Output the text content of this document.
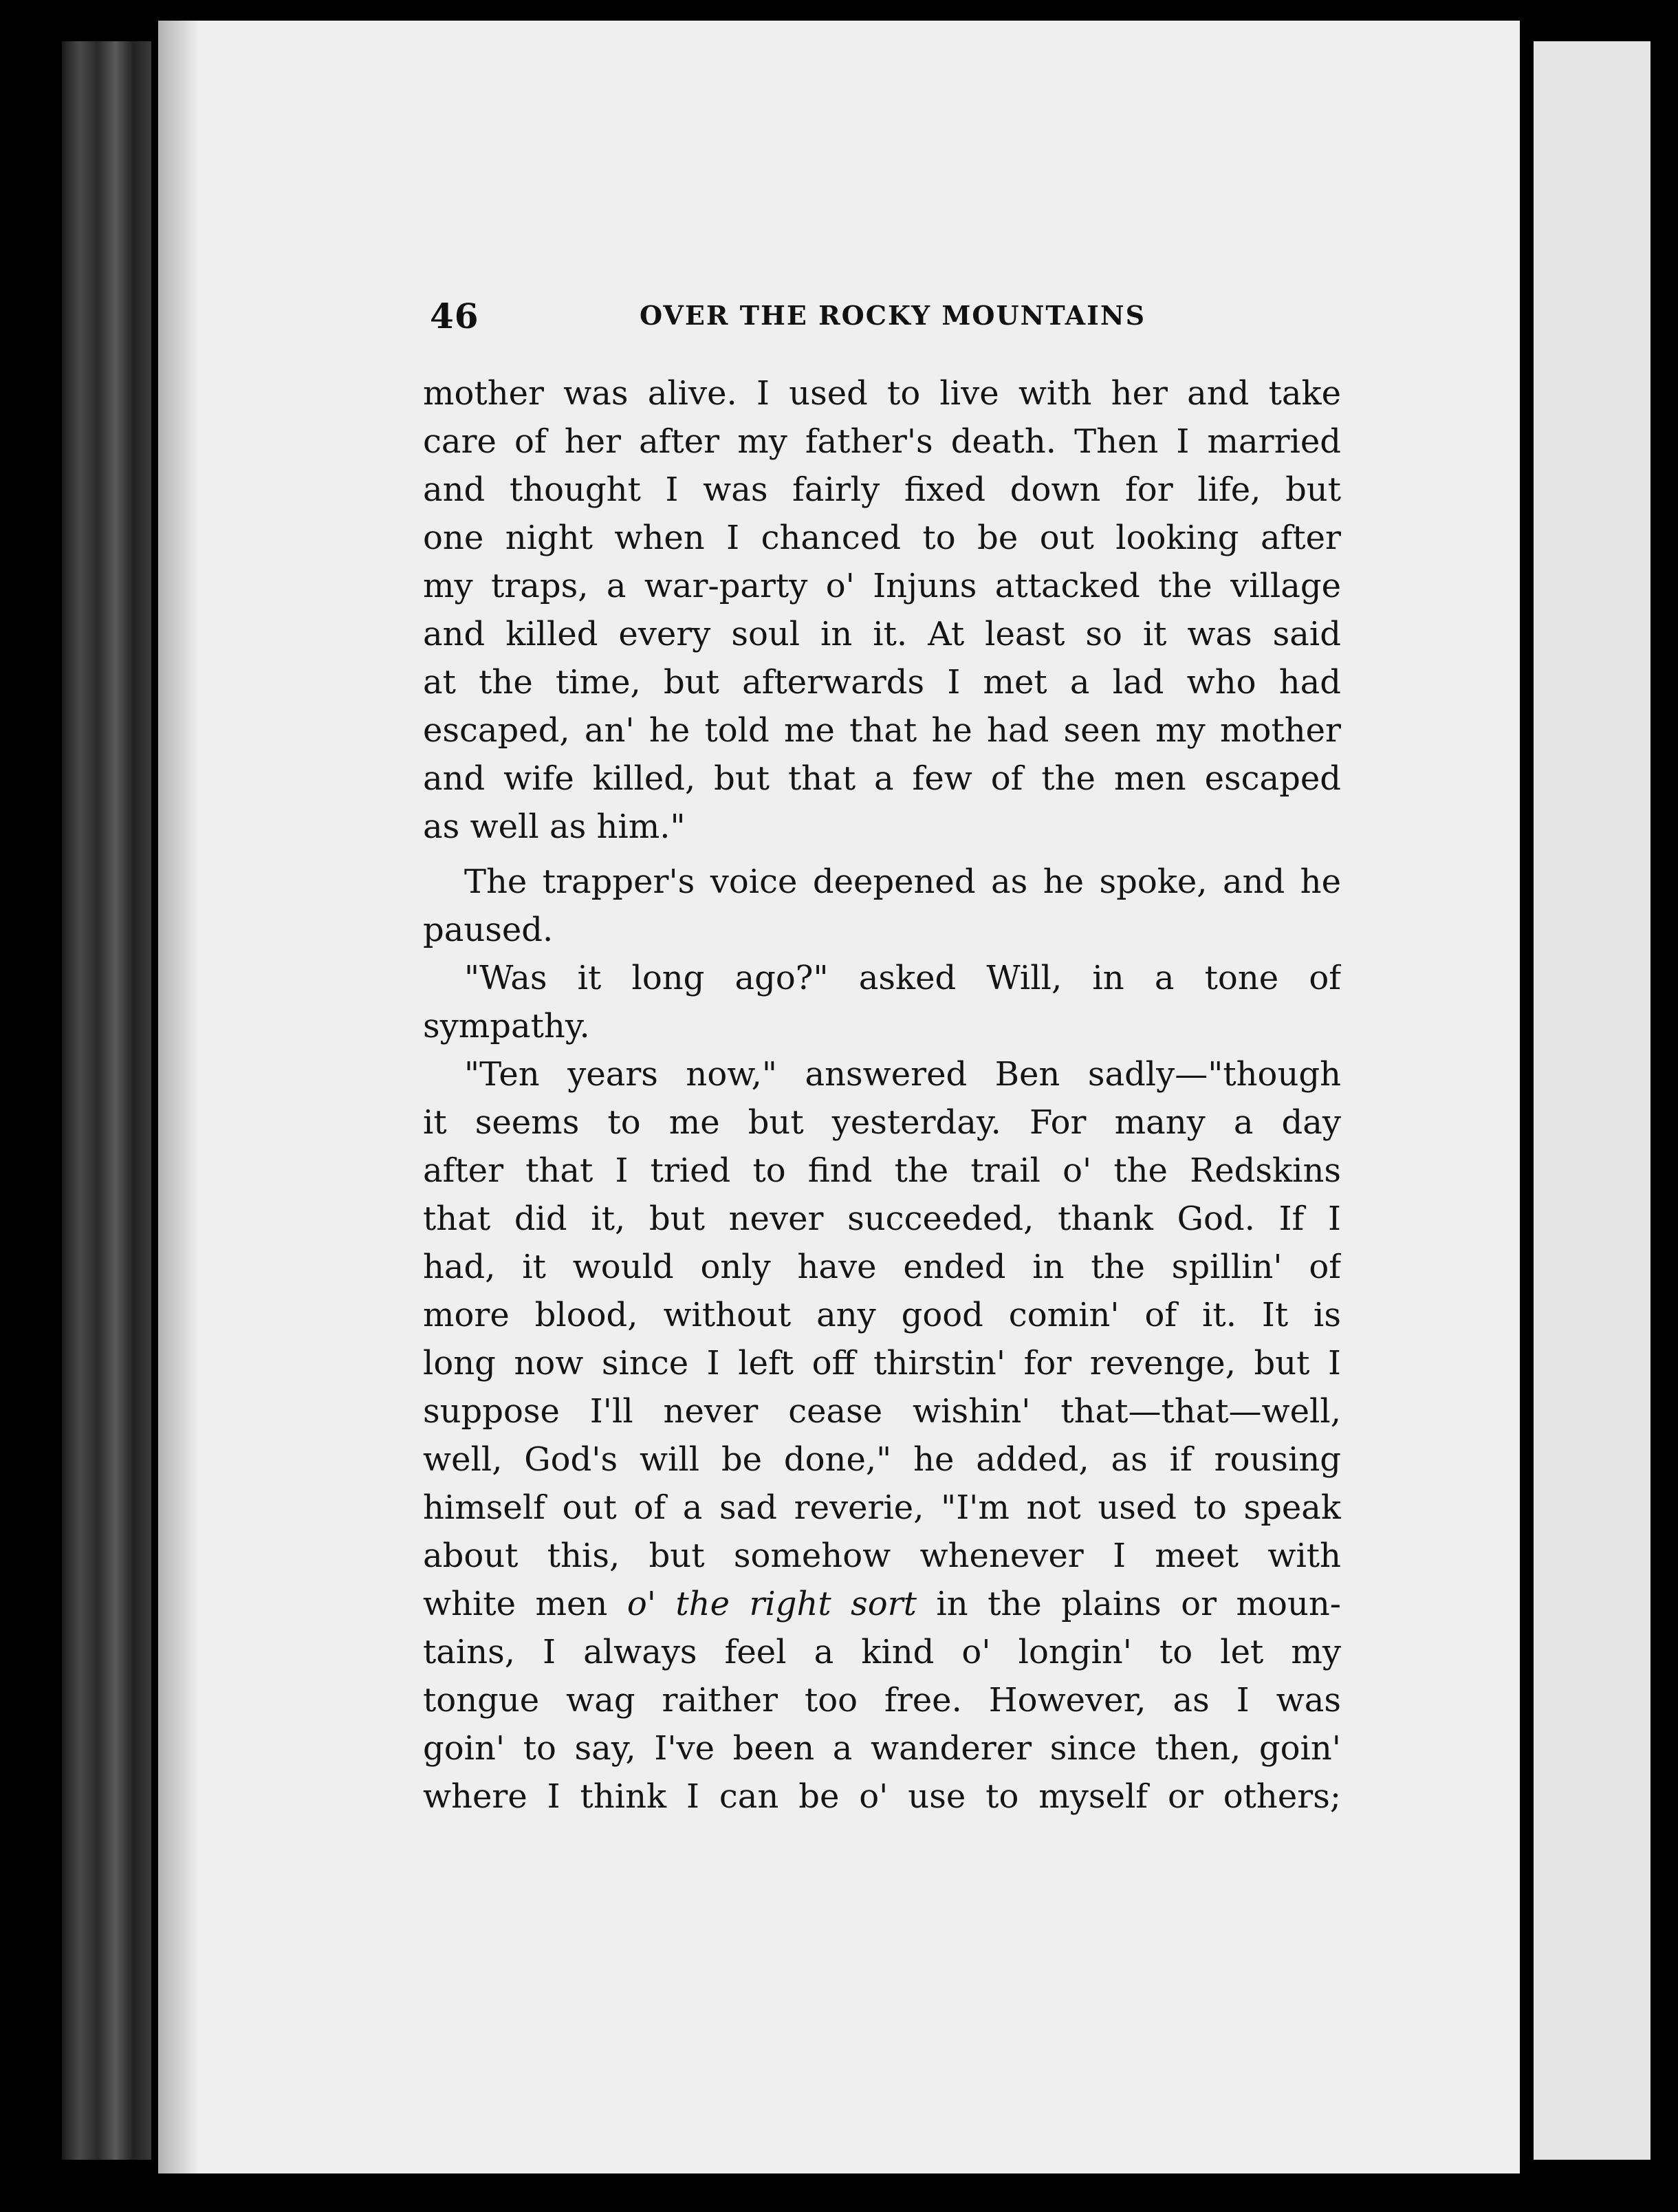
46	OVER THE ROCKY MOUNTAINS
mother was alive. I used to live with her and take
care of her after my father's death. Then I married
and thought I was fairly fixed down for life, but
one night when I chanced to be out looking after
my traps, a war-party o' Injuns attacked the village
and killed every soul in it. At least so it was said
at the time, but afterwards I met a lad who had
escaped, an' he told me that he had seen my mother
and wife killed, but that a few of the men escaped
as well as him."
The trapper's voice deepened as he spoke, and he
paused.
"Was it long ago?" asked Will, in a tone of
sympathy.
"Ten years now," answered Ben sadly—"though
it seems to me but yesterday. For many a day
after that I tried to find the trail o' the Redskins
that did it, but never succeeded, thank God. If I
had, it would only have ended in the spillin' of
more blood, without any good comin' of it. It is
long now since I left off thirstin' for revenge, but I
suppose I'll never cease wishin' that—that—well,
well, God's will be done," he added, as if rousing
himself out of a sad reverie, "I'm not used to speak
about this, but somehow whenever I meet with
white men o' the right sort in the plains or moun-
tains, I always feel a kind o' longin' to let my
tongue wag raither too free. However, as I was
goin' to say, I've been a wanderer since then, goin'
where I think I can be o' use to myself or others;
